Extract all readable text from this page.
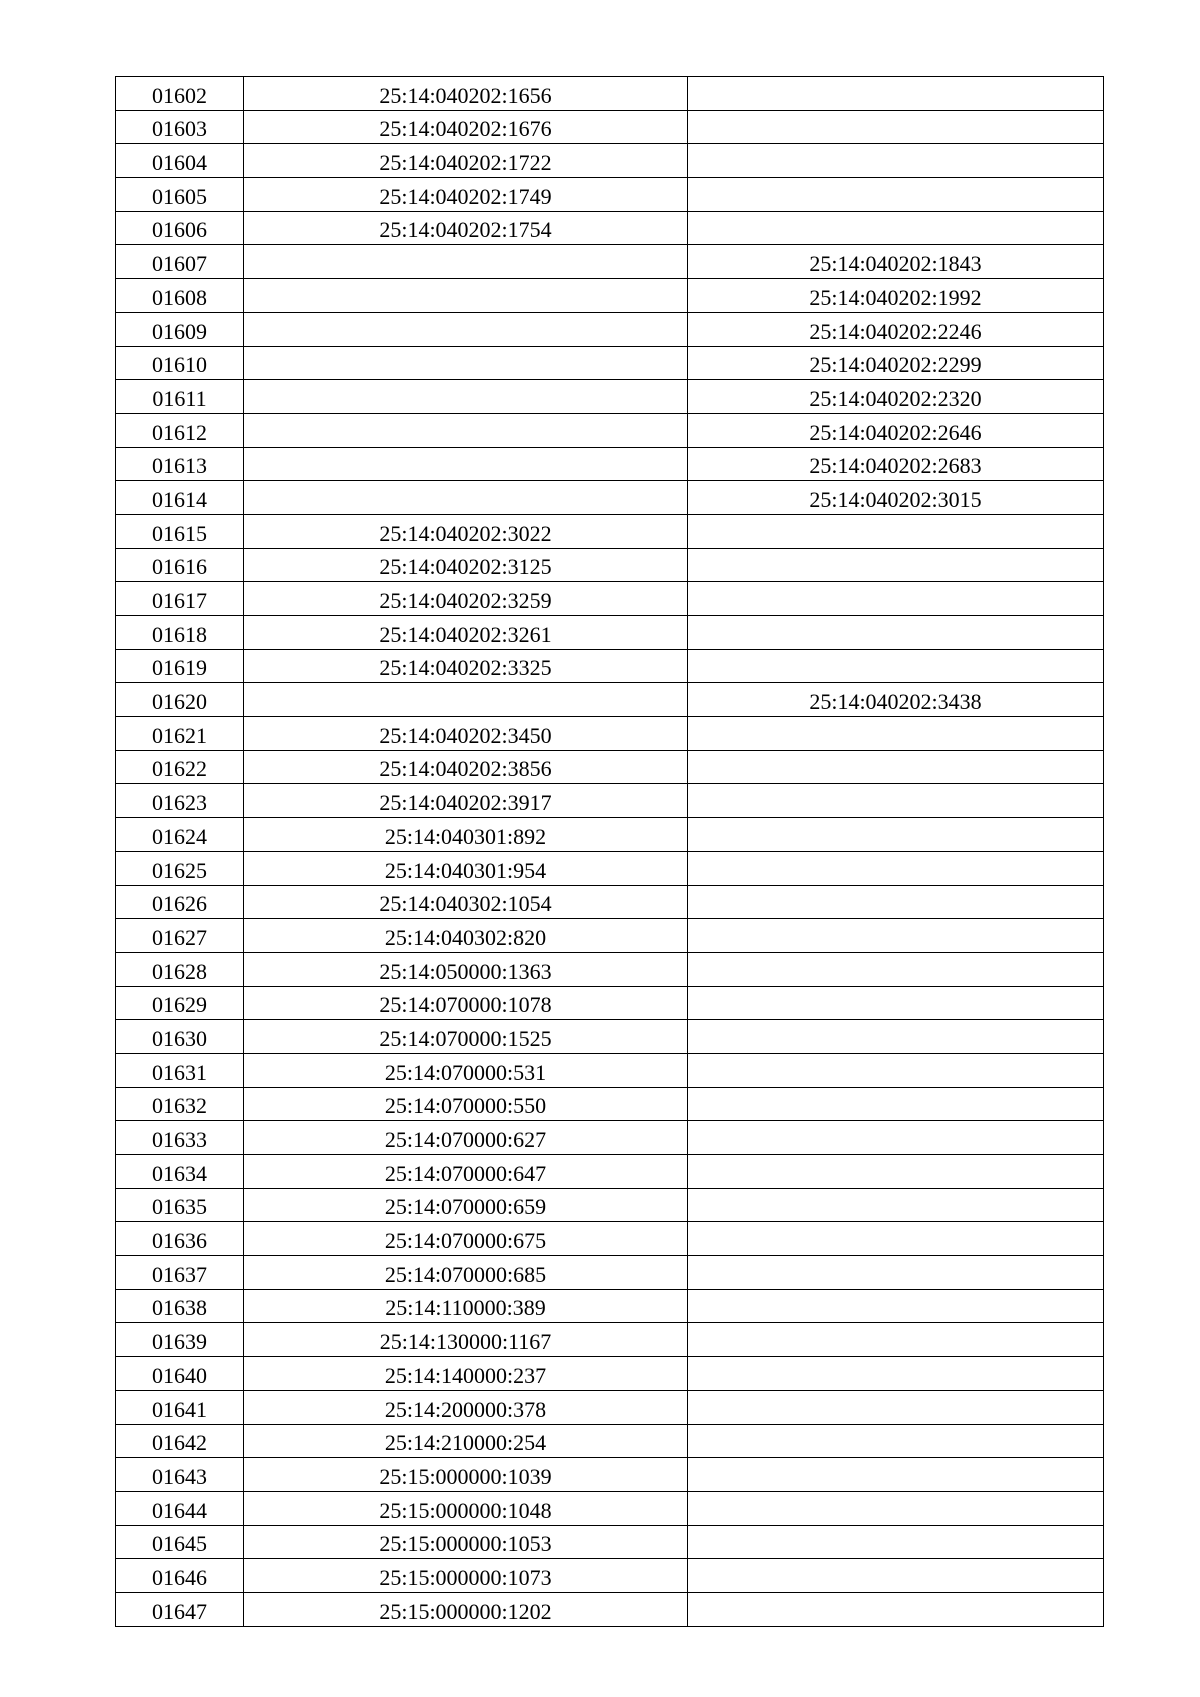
01602	25:14:040202:1656	
01603	25:14:040202:1676	
01604	25:14:040202:1722	
01605	25:14:040202:1749	
01606	25:14:040202:1754	
01607		25:14:040202:1843
01608		25:14:040202:1992
01609		25:14:040202:2246
01610		25:14:040202:2299
01611		25:14:040202:2320
01612		25:14:040202:2646
01613		25:14:040202:2683
01614		25:14:040202:3015
01615	25:14:040202:3022	
01616	25:14:040202:3125	
01617	25:14:040202:3259	
01618	25:14:040202:3261	
01619	25:14:040202:3325	
01620		25:14:040202:3438
01621	25:14:040202:3450	
01622	25:14:040202:3856	
01623	25:14:040202:3917	
01624	25:14:040301:892	
01625	25:14:040301:954	
01626	25:14:040302:1054	
01627	25:14:040302:820	
01628	25:14:050000:1363	
01629	25:14:070000:1078	
01630	25:14:070000:1525	
01631	25:14:070000:531	
01632	25:14:070000:550	
01633	25:14:070000:627	
01634	25:14:070000:647	
01635	25:14:070000:659	
01636	25:14:070000:675	
01637	25:14:070000:685	
01638	25:14:110000:389	
01639	25:14:130000:1167	
01640	25:14:140000:237	
01641	25:14:200000:378	
01642	25:14:210000:254	
01643	25:15:000000:1039	
01644	25:15:000000:1048	
01645	25:15:000000:1053	
01646	25:15:000000:1073	
01647	25:15:000000:1202	
